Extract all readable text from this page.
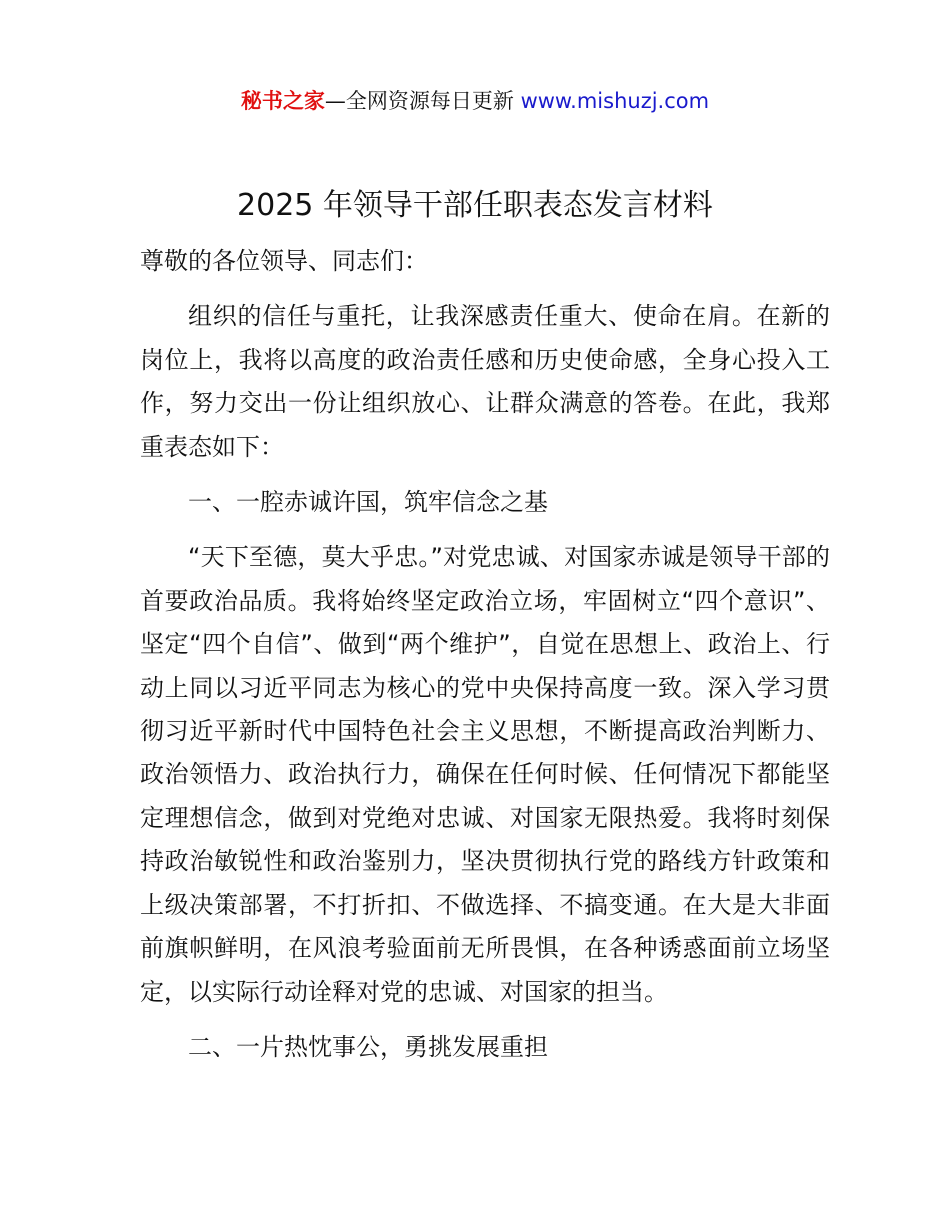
秘书之家—全网资源每日更新 www.mishuzj.com
2025 年领导干部任职表态发言材料

尊敬的各位领导、同志们：

组织的信任与重托，让我深感责任重大、使命在肩。在新的岗位上，我将以高度的政治责任感和历史使命感，全身心投入工作，努力交出一份让组织放心、让群众满意的答卷。在此，我郑重表态如下：

一、一腔赤诚许国，筑牢信念之基

“天下至德，莫大乎忠。”对党忠诚、对国家赤诚是领导干部的首要政治品质。我将始终坚定政治立场，牢固树立“四个意识”、坚定“四个自信”、做到“两个维护”，自觉在思想上、政治上、行动上同以习近平同志为核心的党中央保持高度一致。深入学习贯彻习近平新时代中国特色社会主义思想，不断提高政治判断力、政治领悟力、政治执行力，确保在任何时候、任何情况下都能坚定理想信念，做到对党绝对忠诚、对国家无限热爱。我将时刻保持政治敏锐性和政治鉴别力，坚决贯彻执行党的路线方针政策和上级决策部署，不打折扣、不做选择、不搞变通。在大是大非面前旗帜鲜明，在风浪考验面前无所畏惧，在各种诱惑面前立场坚定，以实际行动诠释对党的忠诚、对国家的担当。

二、一片热忱事公，勇挑发展重担
